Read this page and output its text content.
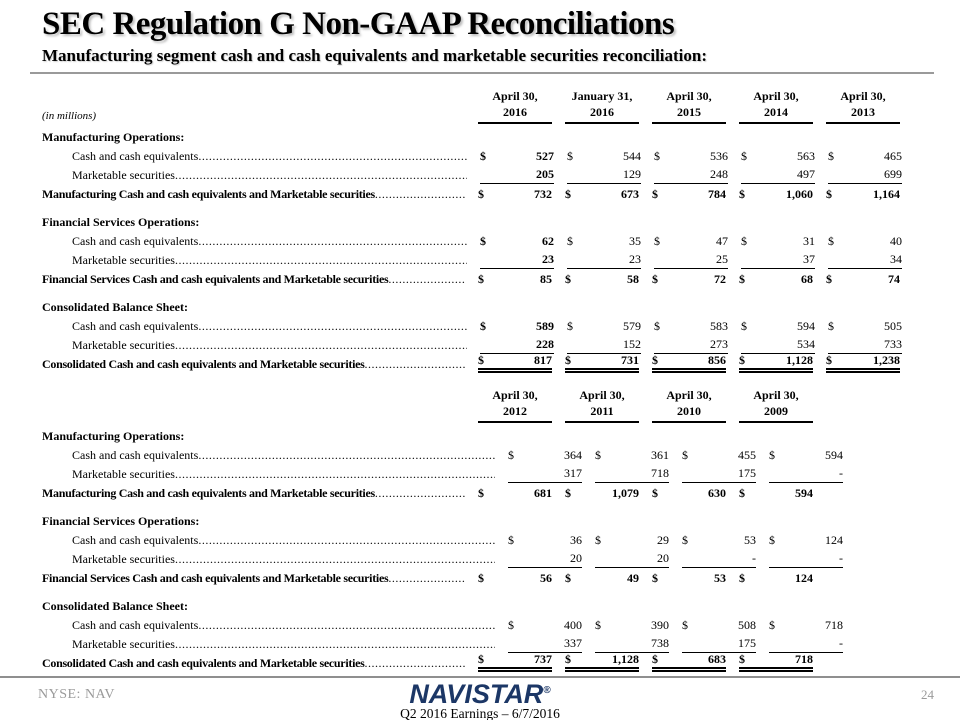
SEC Regulation G Non-GAAP Reconciliations
Manufacturing segment cash and cash equivalents and marketable securities reconciliation:
(in millions)
April 30,
2016
January 31,
2016
April 30,
2015
April 30,
2014
April 30,
2013
Manufacturing Operations:
Cash and cash equivalents .....	$	527 $	544 $	536 $	563 $	465
Marketable securities .....	205	129	248	497	699
Manufacturing Cash and cash equivalents and Marketable securities .....	$	732 $	673 $	784 $	1,060 $	1,164
Financial Services Operations:
Cash and cash equivalents .....	$	62 $	35 $	47 $	31 $	40
Marketable securities .....	23	23	25	37	34
Financial Services Cash and cash equivalents and Marketable securities .....	$	85 $	58 $	72 $	68 $	74
Consolidated Balance Sheet:
Cash and cash equivalents .....	$	589 $	579 $	583 $	594 $	505
Marketable securities .....	228	152	273	534	733
Consolidated Cash and cash equivalents and Marketable securities .....	$	817 $	731 $	856 $	1,128 $	1,238
April 30,
2012
April 30,
2011
April 30,
2010
April 30,
2009
Manufacturing Operations:
Cash and cash equivalents .....	$	364 $	361 $	455 $	594
Marketable securities .....	317	718	175	-
Manufacturing Cash and cash equivalents and Marketable securities .....	$	681 $	1,079 $	630 $	594
Financial Services Operations:
Cash and cash equivalents .....	$	36 $	29 $	53 $	124
Marketable securities .....	20	20	-	-
Financial Services Cash and cash equivalents and Marketable securities .....	$	56 $	49 $	53 $	124
Consolidated Balance Sheet:
Cash and cash equivalents .....	$	400 $	390 $	508 $	718
Marketable securities .....	337	738	175	-
Consolidated Cash and cash equivalents and Marketable securities .....	$	737 $	1,128 $	683 $	718
NYSE: NAV	NAVISTAR®
Q2 2016 Earnings – 6/7/2016
24
